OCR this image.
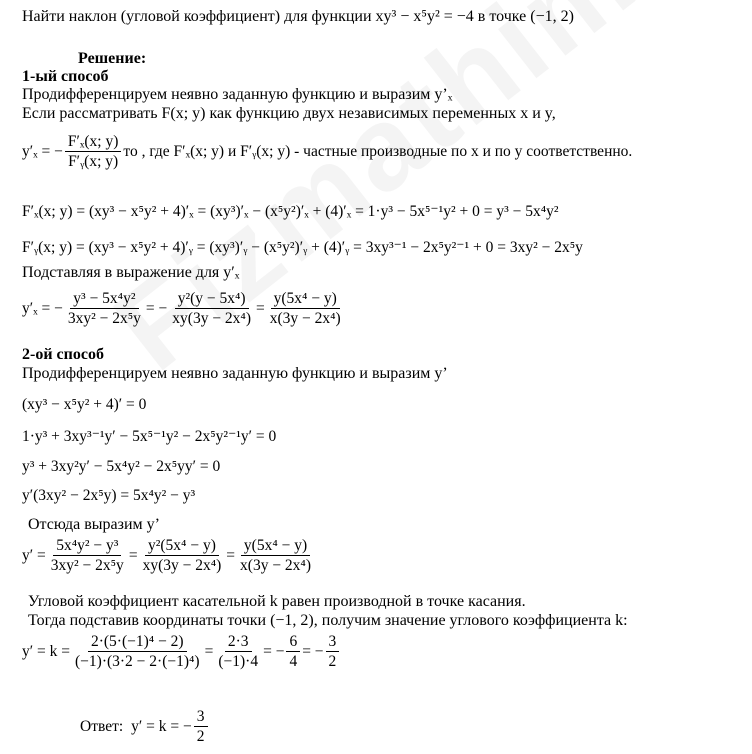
Найти наклон (угловой коэффициент) для функции xy³ − x⁵y² = −4 в точке (−1, 2)
Решение:
1-ый способ
Продифференцируем неявно заданную функцию и выразим y’ₓ
Если рассматривать F(x; y) как функцию двух независимых переменных x и y,
y′ₓ = − $\frac{\text{F′ₓ(x; y)}}{\text{F′ᵧ(x; y)}}$ то , где F′ₓ(x; y) и F′ᵧ(x; y) - частные производные по x и по y соответственно.
F′ₓ(x; y) = (xy³ − x⁵y² + 4)′ₓ = (xy³)′ₓ − (x⁵y²)′ₓ + (4)′ₓ = 1·y³ − 5x⁵⁻¹y² + 0 = y³ − 5x⁴y²
F′ᵧ(x; y) = (xy³ − x⁵y² + 4)′ᵧ = (xy³)′ᵧ − (x⁵y²)′ᵧ + (4)′ᵧ = 3xy³⁻¹ − 2x⁵y²⁻¹ + 0 = 3xy² − 2x⁵y
Подставляя в выражение для y′ₓ
y′ₓ = − $\frac{\text{y³ − 5x⁴y²}}{\text{3xy² − 2x⁵y}}$ = − $\frac{\text{y²(y − 5x⁴)}}{\text{xy(3y − 2x⁴)}} = \frac{\text{y(5x⁴ − y)}}{\text{x(3y − 2x⁴)}}$
2-ой способ
Продифференцируем неявно заданную функцию и выразим y’
(xy³ − x⁵y² + 4)′ = 0
1·y³ + 3xy³⁻¹y′ − 5x⁵⁻¹y² − 2x⁵y²⁻¹y′ = 0
y³ + 3xy²y′ − 5x⁴y² − 2x⁵yy′ = 0
y′(3xy² − 2x⁵y) = 5x⁴y² − y³
Отсюда выразим y’
$y' = \frac{\text{5x⁴y² − y³}}{\text{3xy² − 2x⁵y}} = \frac{\text{y²(5x⁴ − y)}}{\text{xy(3y − 2x⁴)}} = \frac{\text{y(5x⁴ − y)}}{\text{x(3y − 2x⁴)}}$
Угловой коэффициент касательной k равен производной в точке касания.
Тогда подставив координаты точки (−1, 2), получим значение углового коэффициента k:
$y' = k = \frac{\text{2·(5·(−1)⁴ − 2)}}{\text{(−1)·(3·2 − 2·(−1)⁴)}} = \frac{2\cdot 3}{(-1)\cdot 4}$ = − $\frac{6}{4}$ = − $\frac{3}{2}$
Ответ: y′ = k = − $\frac{3}{2}$
